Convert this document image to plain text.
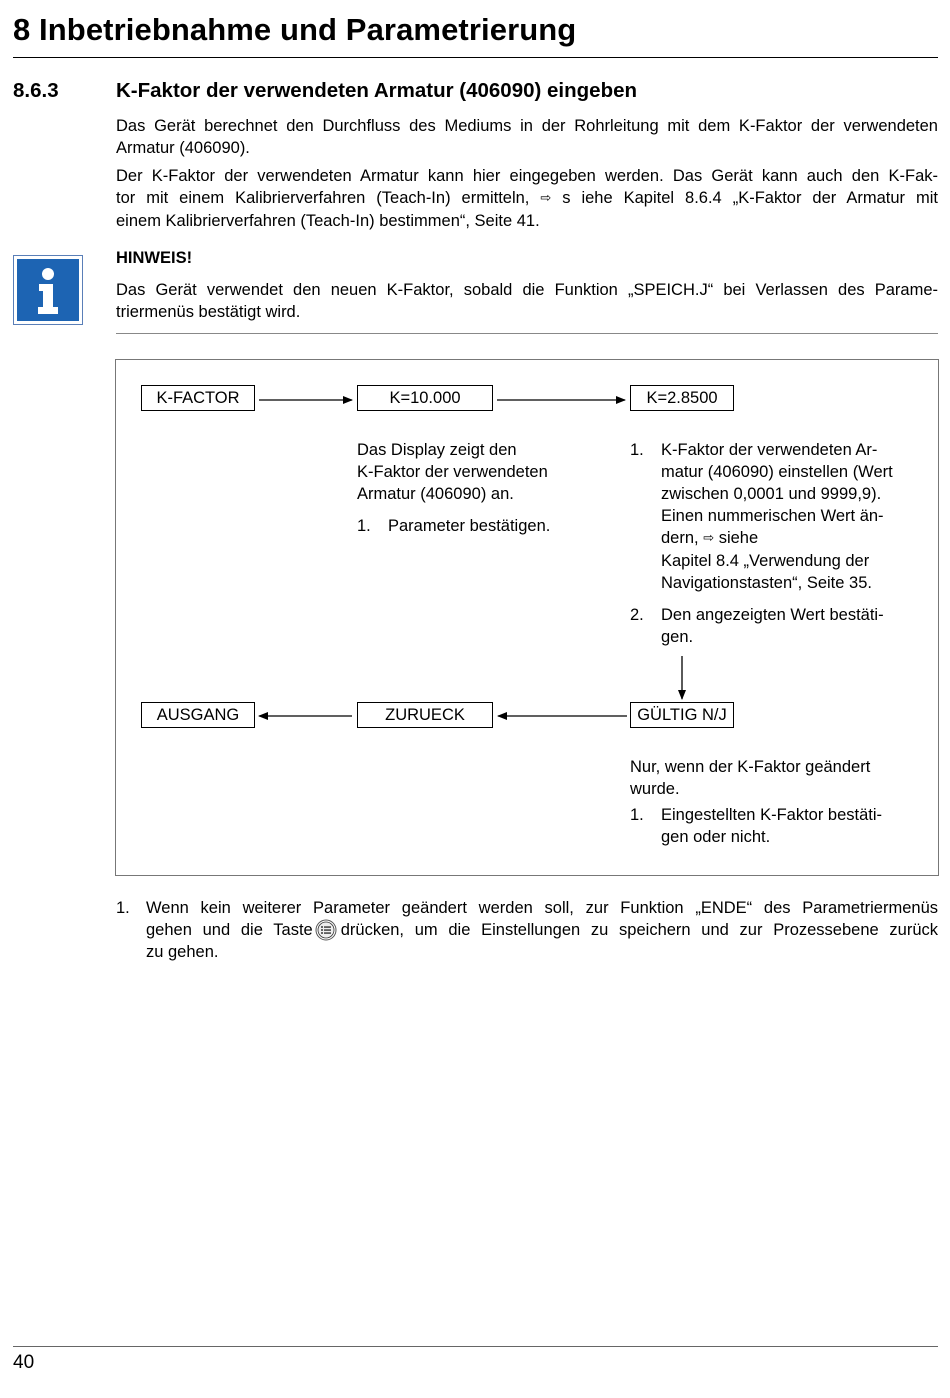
8 Inbetriebnahme und Parametrierung
8.6.3	K-Faktor der verwendeten Armatur (406090) eingeben
Das Gerät berechnet den Durchfluss des Mediums in der Rohrleitung mit dem K-Faktor der verwendeten
Armatur (406090).
Der K-Faktor der verwendeten Armatur kann hier eingegeben werden. Das Gerät kann auch den K-Fak-
tor mit einem Kalibrierverfahren (Teach-In) ermitteln, ⇨ s iehe Kapitel 8.6.4 „K-Faktor der Armatur mit
einem Kalibrierverfahren (Teach-In) bestimmen“, Seite 41.
HINWEIS!
Das Gerät verwendet den neuen K-Faktor, sobald die Funktion „SPEICH.J“ bei Verlassen des Parame-
triermenüs bestätigt wird.
K-FACTOR	K=10.000	K=2.8500
AUSGANG	ZURUECK	GÜLTIG N/J
Das Display zeigt den
K-Faktor der verwendeten
Armatur (406090) an.
1. Parameter bestätigen.
1. K-Faktor der verwendeten Ar-
matur (406090) einstellen (Wert
zwischen 0,0001 und 9999,9).
Einen nummerischen Wert än-
dern, ⇨ siehe
Kapitel 8.4 „Verwendung der
Navigationstasten“, Seite 35.
2. Den angezeigten Wert bestäti-
gen.
Nur, wenn der K-Faktor geändert
wurde.
1. Eingestellten K-Faktor bestäti-
gen oder nicht.
1. Wenn kein weiterer Parameter geändert werden soll, zur Funktion „ENDE“ des Parametriermenüs
gehen und die Taste drücken, um die Einstellungen zu speichern und zur Prozessebene zurück
zu gehen.
40
